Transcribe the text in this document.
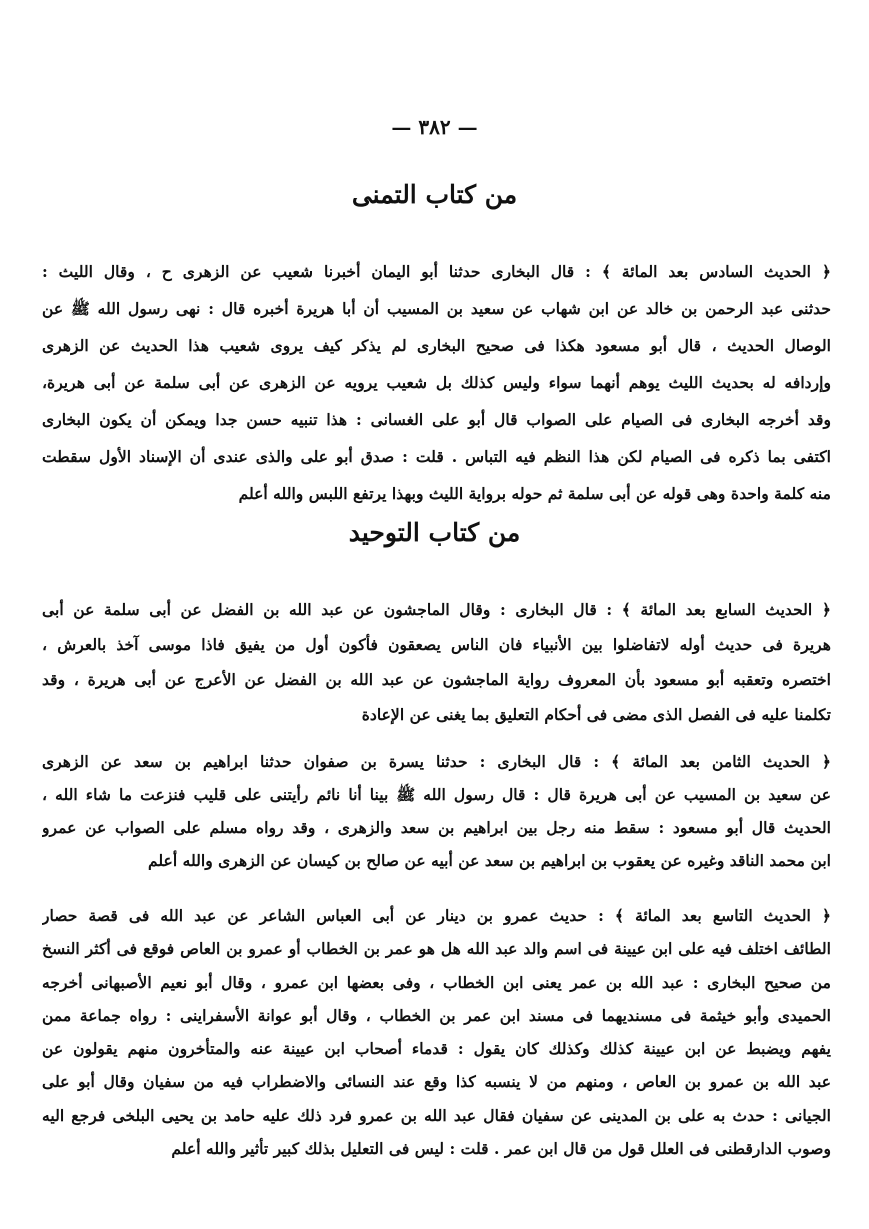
— ٣٨٢ —
من كتاب التمنى
﴿ الحديث السادس بعد المائة ﴾ : قال البخارى حدثنا أبو اليمان أخبرنا شعيب عن الزهرى ح ، وقال الليث :
حدثنى عبد الرحمن بن خالد عن ابن شهاب عن سعيد بن المسيب أن أبا هريرة أخبره قال : نهى رسول الله ﷺ عن
الوصال الحديث ، قال أبو مسعود هكذا فى صحيح البخارى لم يذكر كيف يروى شعيب هذا الحديث عن الزهرى
وإردافه له بحديث الليث يوهم أنهما سواء وليس كذلك بل شعيب يرويه عن الزهرى عن أبى سلمة عن أبى هريرة،
وقد أخرجه البخارى فى الصيام على الصواب قال أبو على الغسانى : هذا تنبيه حسن جدا ويمكن أن يكون البخارى
اكتفى بما ذكره فى الصيام لكن هذا النظم فيه التباس . قلت : صدق أبو على والذى عندى أن الإسناد الأول سقطت
منه كلمة واحدة وهى قوله عن أبى سلمة ثم حوله برواية الليث وبهذا يرتفع اللبس والله أعلم
من كتاب التوحيد
﴿ الحديث السابع بعد المائة ﴾ : قال البخارى : وقال الماجشون عن عبد الله بن الفضل عن أبى سلمة عن أبى
هريرة فى حديث أوله لاتفاضلوا بين الأنبياء فان الناس يصعقون فأكون أول من يفيق فاذا موسى آخذ بالعرش ،
اختصره وتعقبه أبو مسعود بأن المعروف رواية الماجشون عن عبد الله بن الفضل عن الأعرج عن أبى هريرة ، وقد
تكلمنا عليه فى الفصل الذى مضى فى أحكام التعليق بما يغنى عن الإعادة
﴿ الحديث الثامن بعد المائة ﴾ : قال البخارى : حدثنا يسرة بن صفوان حدثنا ابراهيم بن سعد عن الزهرى
عن سعيد بن المسيب عن أبى هريرة قال : قال رسول الله ﷺ بينا أنا نائم رأيتنى على قليب فنزعت ما شاء الله ،
الحديث قال أبو مسعود : سقط منه رجل بين ابراهيم بن سعد والزهرى ، وقد رواه مسلم على الصواب عن عمرو
ابن محمد الناقد وغيره عن يعقوب بن ابراهيم بن سعد عن أبيه عن صالح بن كيسان عن الزهرى والله أعلم
﴿ الحديث التاسع بعد المائة ﴾ : حديث عمرو بن دينار عن أبى العباس الشاعر عن عبد الله فى قصة حصار
الطائف اختلف فيه على ابن عيينة فى اسم والد عبد الله هل هو عمر بن الخطاب أو عمرو بن العاص فوقع فى أكثر النسخ
من صحيح البخارى : عبد الله بن عمر يعنى ابن الخطاب ، وفى بعضها ابن عمرو ، وقال أبو نعيم الأصبهانى أخرجه
الحميدى وأبو خيثمة فى مسنديهما فى مسند ابن عمر بن الخطاب ، وقال أبو عوانة الأسفراينى : رواه جماعة ممن
يفهم ويضبط عن ابن عيينة كذلك وكذلك كان يقول : قدماء أصحاب ابن عيينة عنه والمتأخرون منهم يقولون عن
عبد الله بن عمرو بن العاص ، ومنهم من لا ينسبه كذا وقع عند النسائى والاضطراب فيه من سفيان وقال أبو على
الجيانى : حدث به على بن المدينى عن سفيان فقال عبد الله بن عمرو فرد ذلك عليه حامد بن يحيى البلخى فرجع اليه
وصوب الدارقطنى فى العلل قول من قال ابن عمر . قلت : ليس فى التعليل بذلك كبير تأثير والله أعلم
